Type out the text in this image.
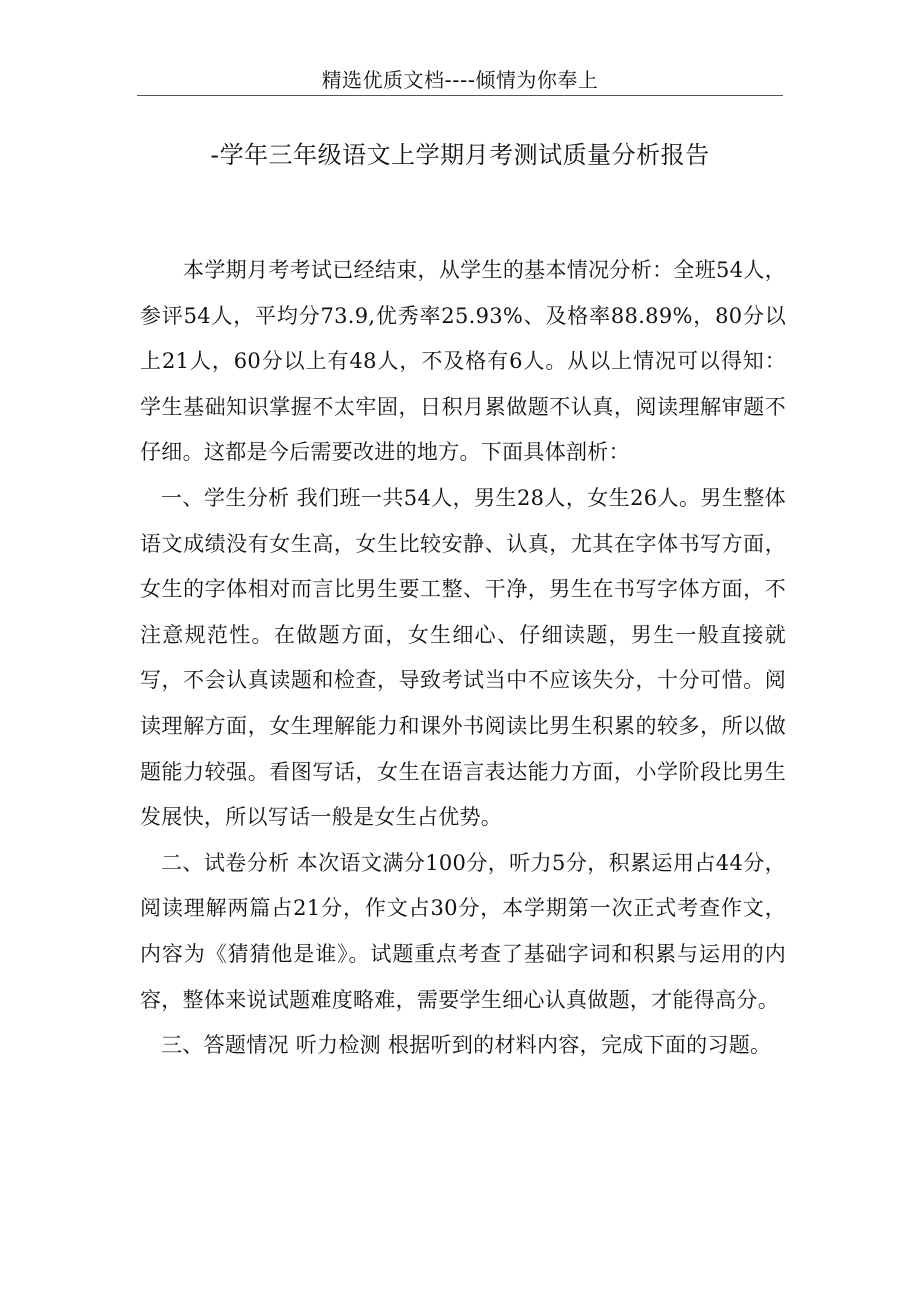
精选优质文档----倾情为你奉上
-学年三年级语文上学期月考测试质量分析报告

本学期月考考试已经结束，从学生的基本情况分析：全班54人，参评54人，平均分73.9,优秀率25.93%、及格率88.89%，80分以上21人，60分以上有48人，不及格有6人。从以上情况可以得知：学生基础知识掌握不太牢固，日积月累做题不认真，阅读理解审题不仔细。这都是今后需要改进的地方。下面具体剖析：

一、学生分析 我们班一共54人，男生28人，女生26人。男生整体语文成绩没有女生高，女生比较安静、认真，尤其在字体书写方面，女生的字体相对而言比男生要工整、干净，男生在书写字体方面，不注意规范性。在做题方面，女生细心、仔细读题，男生一般直接就写，不会认真读题和检查，导致考试当中不应该失分，十分可惜。阅读理解方面，女生理解能力和课外书阅读比男生积累的较多，所以做题能力较强。看图写话，女生在语言表达能力方面，小学阶段比男生发展快，所以写话一般是女生占优势。

二、试卷分析 本次语文满分100分，听力5分，积累运用占44分，阅读理解两篇占21分，作文占30分，本学期第一次正式考查作文，内容为《猜猜他是谁》。试题重点考查了基础字词和积累与运用的内容，整体来说试题难度略难，需要学生细心认真做题，才能得高分。

三、答题情况 听力检测 根据听到的材料内容，完成下面的习题。
